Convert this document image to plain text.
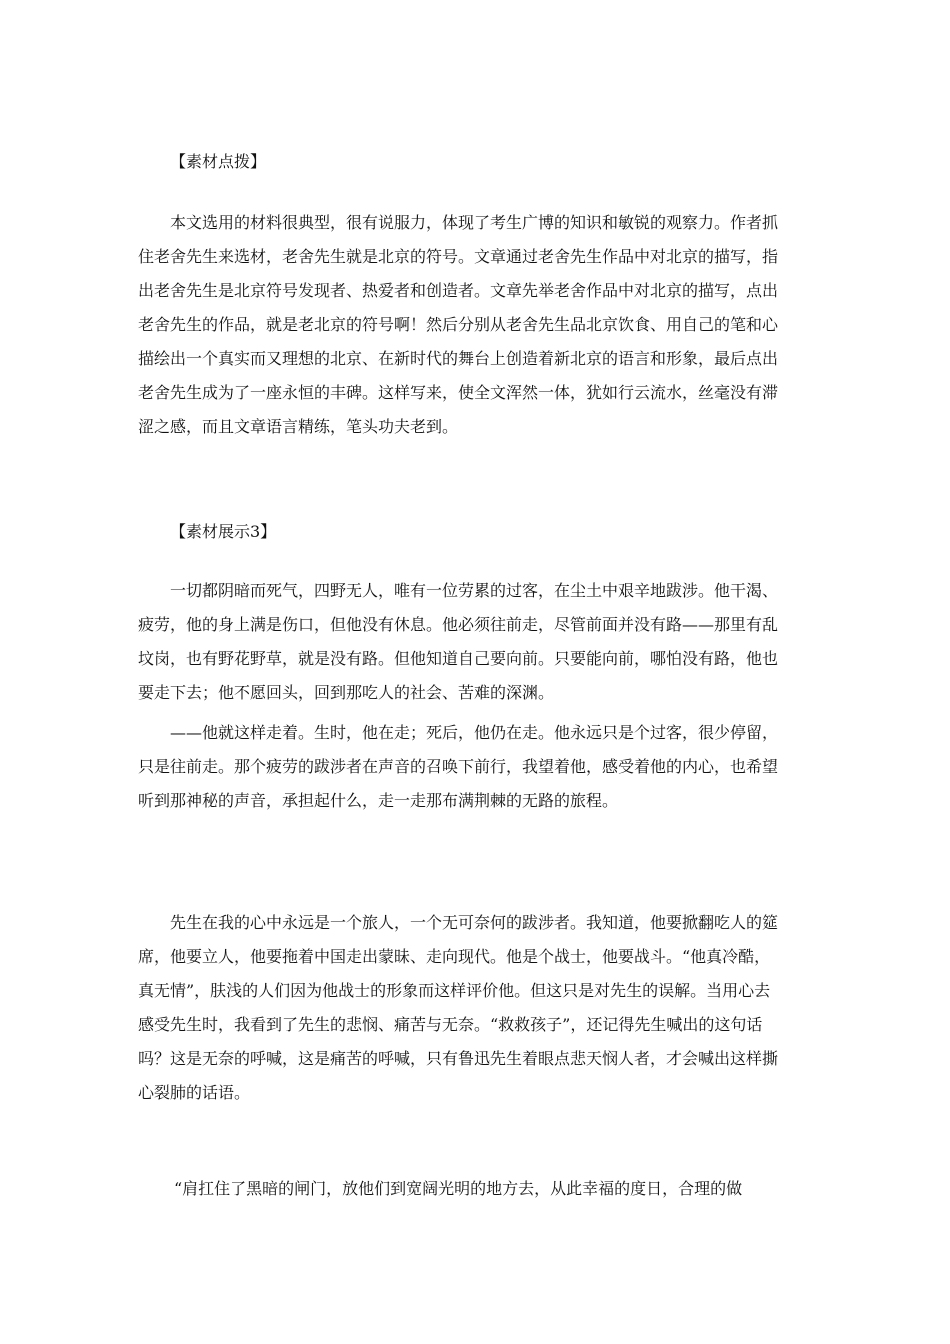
【素材点拨】
本文选用的材料很典型，很有说服力，体现了考生广博的知识和敏锐的观察力。作者抓
住老舍先生来选材，老舍先生就是北京的符号。文章通过老舍先生作品中对北京的描写，指
出老舍先生是北京符号发现者、热爱者和创造者。文章先举老舍作品中对北京的描写，点出
老舍先生的作品，就是老北京的符号啊！然后分别从老舍先生品北京饮食、用自己的笔和心
描绘出一个真实而又理想的北京、在新时代的舞台上创造着新北京的语言和形象，最后点出
老舍先生成为了一座永恒的丰碑。这样写来，使全文浑然一体，犹如行云流水，丝毫没有滞
涩之感，而且文章语言精练，笔头功夫老到。
【素材展示3】
一切都阴暗而死气，四野无人，唯有一位劳累的过客，在尘土中艰辛地跋涉。他干渴、
疲劳，他的身上满是伤口，但他没有休息。他必须往前走，尽管前面并没有路——那里有乱
坟岗，也有野花野草，就是没有路。但他知道自己要向前。只要能向前，哪怕没有路，他也
要走下去；他不愿回头，回到那吃人的社会、苦难的深渊。
——他就这样走着。生时，他在走；死后，他仍在走。他永远只是个过客，很少停留，
只是往前走。那个疲劳的跋涉者在声音的召唤下前行，我望着他，感受着他的内心，也希望
听到那神秘的声音，承担起什么，走一走那布满荆棘的无路的旅程。
先生在我的心中永远是一个旅人，一个无可奈何的跋涉者。我知道，他要掀翻吃人的筵
席，他要立人，他要拖着中国走出蒙昧、走向现代。他是个战士，他要战斗。“他真冷酷，
真无情”，肤浅的人们因为他战士的形象而这样评价他。但这只是对先生的误解。当用心去
感受先生时，我看到了先生的悲悯、痛苦与无奈。“救救孩子”，还记得先生喊出的这句话
吗？这是无奈的呼喊，这是痛苦的呼喊，只有鲁迅先生着眼点悲天悯人者，才会喊出这样撕
心裂肺的话语。
“肩扛住了黑暗的闸门，放他们到宽阔光明的地方去，从此幸福的度日，合理的做
